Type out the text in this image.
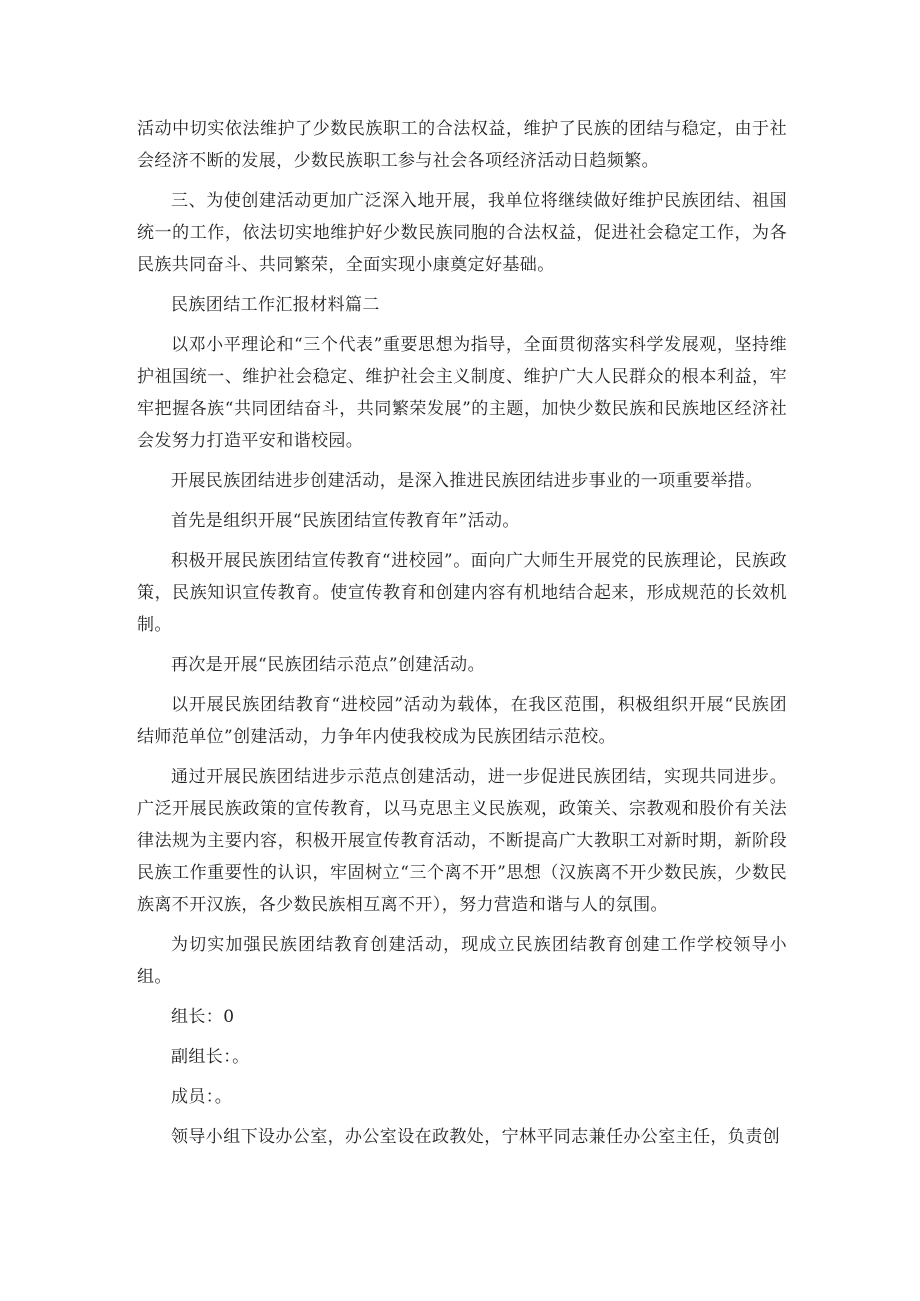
活动中切实依法维护了少数民族职工的合法权益，维护了民族的团结与稳定，由于社会经济不断的发展，少数民族职工参与社会各项经济活动日趋频繁。

三、为使创建活动更加广泛深入地开展，我单位将继续做好维护民族团结、祖国统一的工作，依法切实地维护好少数民族同胞的合法权益，促进社会稳定工作，为各民族共同奋斗、共同繁荣，全面实现小康奠定好基础。

民族团结工作汇报材料篇二

以邓小平理论和“三个代表”重要思想为指导，全面贯彻落实科学发展观，坚持维护祖国统一、维护社会稳定、维护社会主义制度、维护广大人民群众的根本利益，牢牢把握各族“共同团结奋斗，共同繁荣发展”的主题，加快少数民族和民族地区经济社会发努力打造平安和谐校园。

开展民族团结进步创建活动，是深入推进民族团结进步事业的一项重要举措。

首先是组织开展“民族团结宣传教育年”活动。

积极开展民族团结宣传教育“进校园”。面向广大师生开展党的民族理论，民族政策，民族知识宣传教育。使宣传教育和创建内容有机地结合起来，形成规范的长效机制。

再次是开展“民族团结示范点”创建活动。

以开展民族团结教育“进校园”活动为载体，在我区范围，积极组织开展“民族团结师范单位”创建活动，力争年内使我校成为民族团结示范校。

通过开展民族团结进步示范点创建活动，进一步促进民族团结，实现共同进步。广泛开展民族政策的宣传教育，以马克思主义民族观，政策关、宗教观和股价有关法律法规为主要内容，积极开展宣传教育活动，不断提高广大教职工对新时期，新阶段民族工作重要性的认识，牢固树立“三个离不开”思想（汉族离不开少数民族，少数民族离不开汉族，各少数民族相互离不开），努力营造和谐与人的氛围。

为切实加强民族团结教育创建活动，现成立民族团结教育创建工作学校领导小组。

组长：0

副组长：。

成员：。

领导小组下设办公室，办公室设在政教处，宁林平同志兼任办公室主任，负责创
